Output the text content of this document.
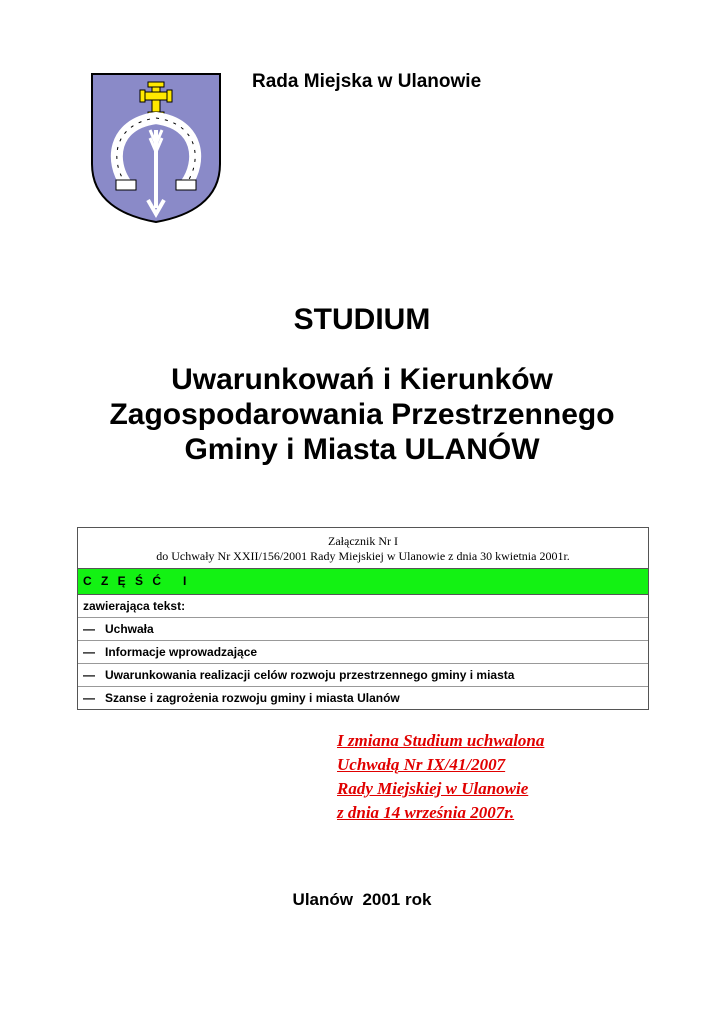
Rada Miejska w Ulanowie
STUDIUM
Uwarunkowań i Kierunków
Zagospodarowania Przestrzennego
Gminy i Miasta ULANÓW
Załącznik Nr I
do Uchwały Nr XXII/156/2001 Rady Miejskiej w Ulanowie z dnia 30 kwietnia 2001r.
C Z Ę Ś Ć   I
zawierająca tekst:
— Uchwała
— Informacje wprowadzające
— Uwarunkowania realizacji celów rozwoju przestrzennego gminy i miasta
— Szanse i zagrożenia rozwoju gminy i miasta Ulanów
I zmiana Studium uchwalona
Uchwałą Nr IX/41/2007
Rady Miejskiej w Ulanowie
z dnia 14 września 2007r.
Ulanów  2001 rok
